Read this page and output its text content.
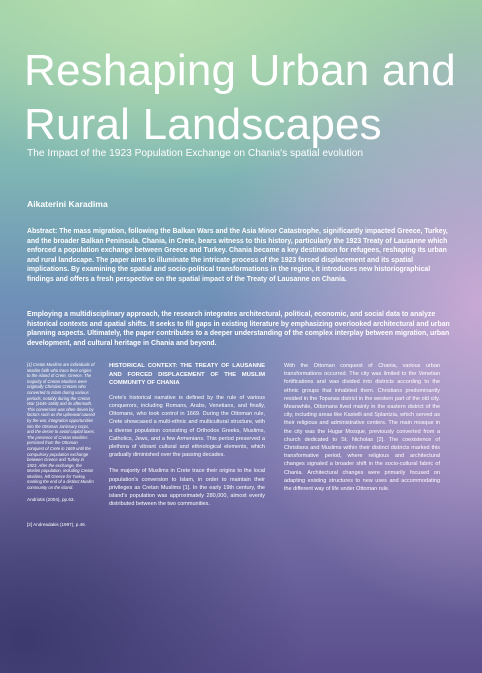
Reshaping Urban and Rural Landscapes

The Impact of the 1923 Population Exchange on Chania's spatial evolution

Aikaterini Karadima

Abstract: The mass migration, following the Balkan Wars and the Asia Minor Catastrophe, significantly impacted Greece, Turkey, and the broader Balkan Peninsula. Chania, in Crete, bears witness to this history, particularly the 1923 Treaty of Lausanne which enforced a population exchange between Greece and Turkey. Chania became a key destination for refugees, reshaping its urban and rural landscape. The paper aims to illuminate the intricate process of the 1923 forced displacement and its spatial implications. By examining the spatial and socio-political transformations in the region, it introduces new historiographical findings and offers a fresh perspective on the spatial impact of the Treaty of Lausanne on Chania.

Employing a multidisciplinary approach, the research integrates architectural, political, economic, and social data to analyze historical contexts and spatial shifts. It seeks to fill gaps in existing literature by emphasizing overlooked architectural and urban planning aspects. Ultimately, the paper contributes to a deeper understanding of the complex interplay between migration, urban development, and cultural heritage in Chania and beyond.

[1] Cretan Muslims are individuals of Muslim faith who trace their origins to the island of Crete, Greece. The majority of Cretan Muslims were originally Christian Cretans who converted to Islam during various periods, notably during the Cretan War (1645-1669) and its aftermath. This conversion was often driven by factors such as the upheaval caused by the war, integration opportunities into the Ottoman Janissary corps, and the desire to avoid capital taxes. The presence of Cretan Muslims persisted from the Ottoman conquest of Crete in 1669 until the compulsory population exchange between Greece and Turkey in 1923. After the exchange, the Muslim population, including Cretan Muslims, left Greece for Turkey, marking the end of a distinct Muslim community on the island.

Andriotis (2004), pp.63.

[2] Andreadakis (1997), p.46.

HISTORICAL CONTEXT: THE TREATY OF LAUSANNE AND FORCED DISPLACEMENT OF THE MUSLIM COMMUNITY OF CHANIA

Crete's historical narrative is defined by the rule of various conquerors, including Romans, Arabs, Venetians, and finally, Ottomans, who took control in 1669. During the Ottoman rule, Crete showcased a multi-ethnic and multicultural structure, with a diverse population consisting of Orthodox Greeks, Muslims, Catholics, Jews, and a few Armenians. This period preserved a plethora of vibrant cultural and ethnological elements, which gradually diminished over the passing decades.

The majority of Muslims in Crete trace their origins to the local population's conversion to Islam, in order to maintain their privileges as Cretan Muslims [1]. In the early 19th century, the island's population was approximately 280,000, almost evenly distributed between the two communities.

With the Ottoman conquest of Chania, various urban transformations occurred. The city was limited to the Venetian fortifications and was divided into districts according to the ethnic groups that inhabited them. Christians predominantly resided in the Topanas district in the western part of the old city. Meanwhile, Ottomans lived mainly in the eastern district of the city, including areas like Kastelli and Splantzia, which served as their religious and administrative centers. The main mosque in the city was the Hugar Mosque, previously converted from a church dedicated to St. Nicholas [2]. The coexistence of Christians and Muslims within their distinct districts marked this transformative period, where religious and architectural changes signaled a broader shift in the socio-cultural fabric of Chania. Architectural changes were primarily focused on adapting existing structures to new uses and accommodating the different way of life under Ottoman rule.
